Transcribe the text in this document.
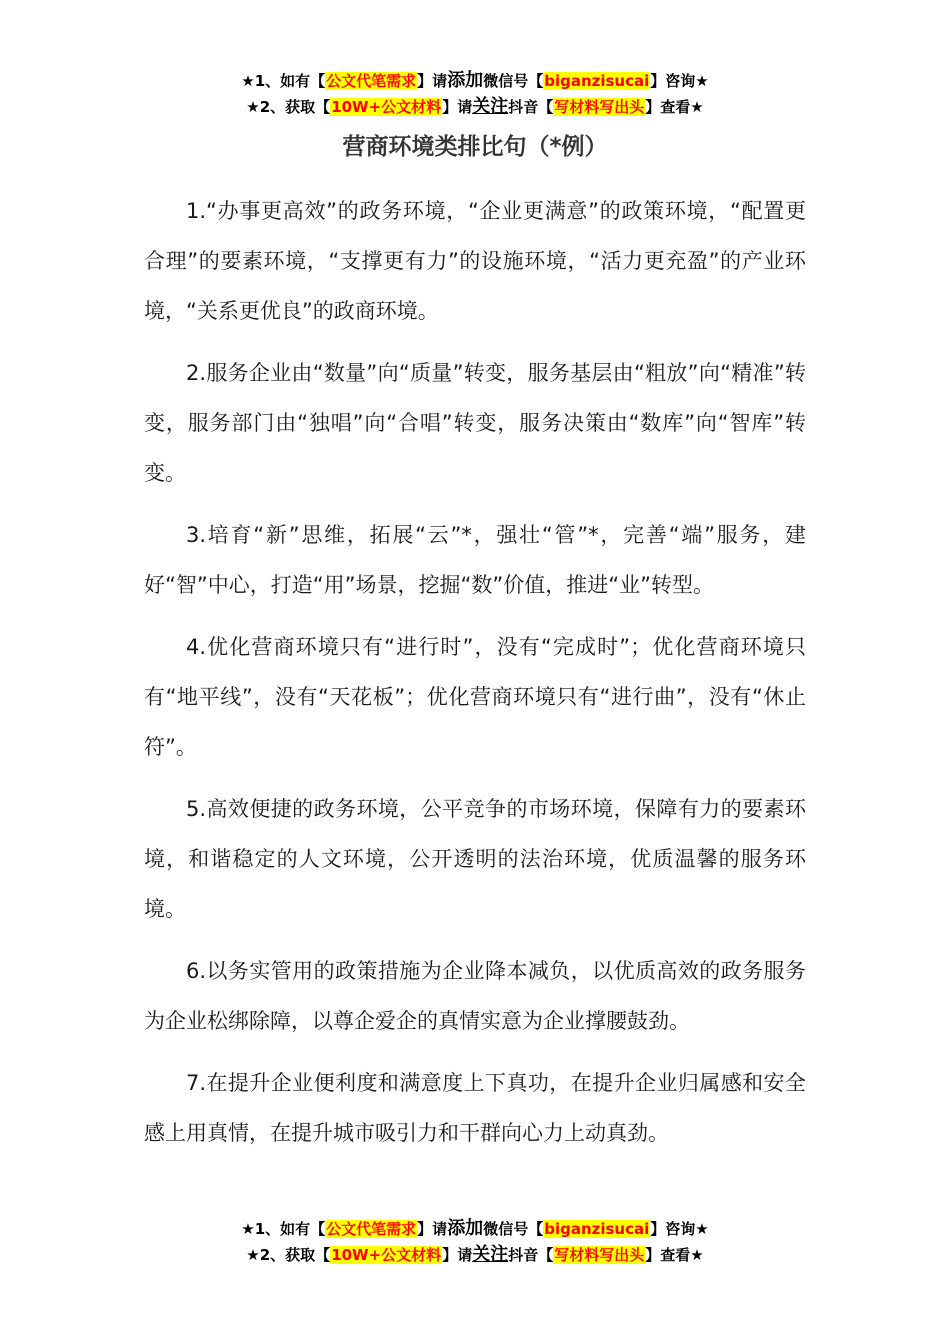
★1、如有【公文代笔需求】请添加微信号【biganzisucai】咨询★
★2、获取【10W+公文材料】请关注抖音【写材料写出头】查看★
营商环境类排比句（*例）

1.“办事更高效”的政务环境，“企业更满意”的政策环境，“配置更合理”的要素环境，“支撑更有力”的设施环境，“活力更充盈”的产业环境，“关系更优良”的政商环境。

2.服务企业由“数量”向“质量”转变，服务基层由“粗放”向“精准”转变，服务部门由“独唱”向“合唱”转变，服务决策由“数库”向“智库”转变。

3.培育“新”思维，拓展“云”*，强壮“管”*，完善“端”服务，建好“智”中心，打造“用”场景，挖掘“数”价值，推进“业”转型。

4.优化营商环境只有“进行时”，没有“完成时”；优化营商环境只有“地平线”，没有“天花板”；优化营商环境只有“进行曲”，没有“休止符”。

5.高效便捷的政务环境，公平竞争的市场环境，保障有力的要素环境，和谐稳定的人文环境，公开透明的法治环境，优质温馨的服务环境。

6.以务实管用的政策措施为企业降本减负，以优质高效的政务服务为企业松绑除障，以尊企爱企的真情实意为企业撑腰鼓劲。

7.在提升企业便利度和满意度上下真功，在提升企业归属感和安全感上用真情，在提升城市吸引力和干群向心力上动真劲。

★1、如有【公文代笔需求】请添加微信号【biganzisucai】咨询★
★2、获取【10W+公文材料】请关注抖音【写材料写出头】查看★
